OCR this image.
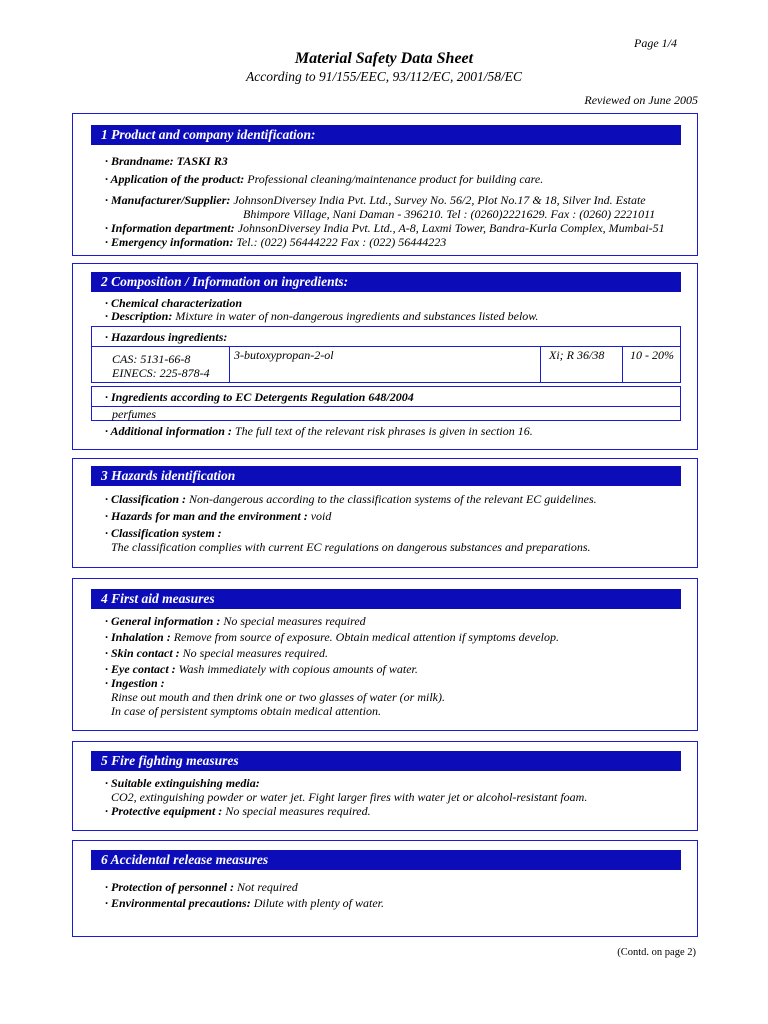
Page 1/4
Material Safety Data Sheet
According to 91/155/EEC, 93/112/EC, 2001/58/EC
Reviewed on June 2005
1 Product and company identification:
· Brandname: TASKI R3
· Application of the product: Professional cleaning/maintenance product for building care.
· Manufacturer/Supplier: JohnsonDiversey India Pvt. Ltd., Survey No. 56/2, Plot No.17 & 18, Silver Ind. Estate
Bhimpore Village, Nani Daman - 396210. Tel : (0260)2221629. Fax : (0260) 2221011
· Information department: JohnsonDiversey India Pvt. Ltd., A-8, Laxmi Tower, Bandra-Kurla Complex, Mumbai-51
· Emergency information: Tel.: (022) 56444222 Fax : (022) 56444223
2 Composition / Information on ingredients:
· Chemical characterization
· Description: Mixture in water of non-dangerous ingredients and substances listed below.
· Hazardous ingredients:
CAS: 5131-66-8
EINECS: 225-878-4
3-butoxypropan-2-ol	Xi; R 36/38 10 - 20%
· Ingredients according to EC Detergents Regulation 648/2004
perfumes
· Additional information : The full text of the relevant risk phrases is given in section 16.
3 Hazards identification
· Classification : Non-dangerous according to the classification systems of the relevant EC guidelines.
· Hazards for man and the environment : void
· Classification system :
The classification complies with current EC regulations on dangerous substances and preparations.
4 First aid measures
· General information : No special measures required
· Inhalation : Remove from source of exposure. Obtain medical attention if symptoms develop.
· Skin contact : No special measures required.
· Eye contact : Wash immediately with copious amounts of water.
· Ingestion :
Rinse out mouth and then drink one or two glasses of water (or milk).
In case of persistent symptoms obtain medical attention.
5 Fire fighting measures
· Suitable extinguishing media:
CO2, extinguishing powder or water jet. Fight larger fires with water jet or alcohol-resistant foam.
· Protective equipment : No special measures required.
6 Accidental release measures
· Protection of personnel : Not required
· Environmental precautions: Dilute with plenty of water.
(Contd. on page 2)
